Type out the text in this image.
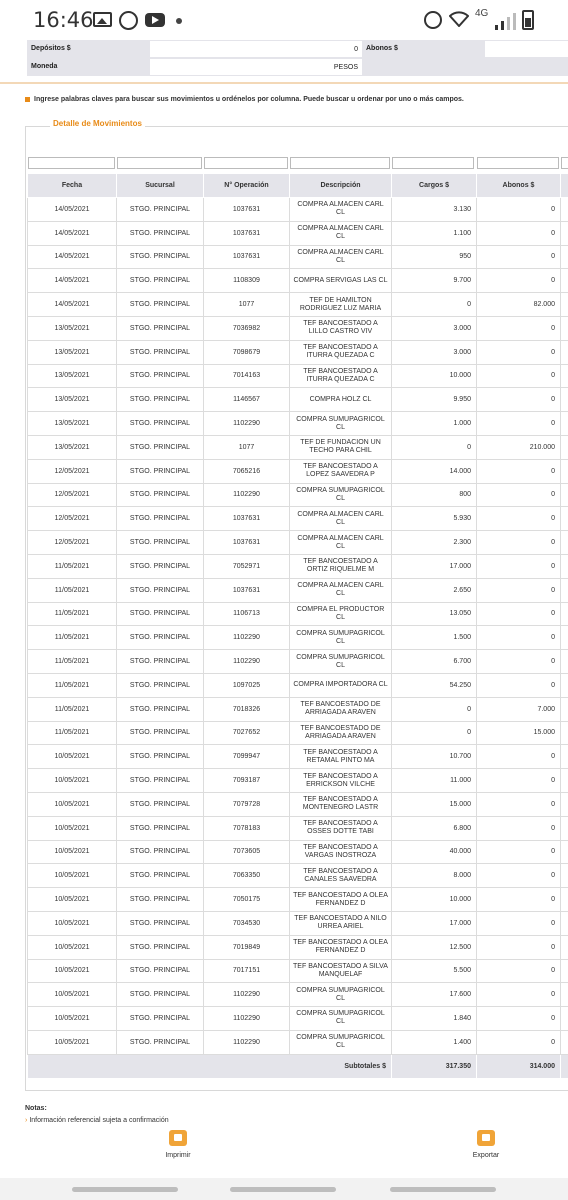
16:46	4G
Depósitos $	0	Abonos $
Moneda	PESOS
Ingrese palabras claves para buscar sus movimientos u ordénelos por columna. Puede buscar u ordenar por uno o más campos.
Detalle de Movimientos
Fecha	Sucursal	N° Operación	Descripción	Cargos $	Abonos $	
14/05/2021	STGO. PRINCIPAL	1037631	COMPRA ALMACEN CARL CL	3.130	0	
14/05/2021	STGO. PRINCIPAL	1037631	COMPRA ALMACEN CARL CL	1.100	0	
14/05/2021	STGO. PRINCIPAL	1037631	COMPRA ALMACEN CARL CL	950	0	
14/05/2021	STGO. PRINCIPAL	1108309	COMPRA SERVIGAS LAS CL	9.700	0	
14/05/2021	STGO. PRINCIPAL	1077	TEF DE HAMILTON RODRIGUEZ LUZ MARIA	0	82.000	
13/05/2021	STGO. PRINCIPAL	7036982	TEF BANCOESTADO A LILLO CASTRO VIV	3.000	0	
13/05/2021	STGO. PRINCIPAL	7098679	TEF BANCOESTADO A ITURRA QUEZADA C	3.000	0	
13/05/2021	STGO. PRINCIPAL	7014163	TEF BANCOESTADO A ITURRA QUEZADA C	10.000	0	
13/05/2021	STGO. PRINCIPAL	1146567	COMPRA HOLZ CL	9.950	0	
13/05/2021	STGO. PRINCIPAL	1102290	COMPRA SUMUPAGRICOL CL	1.000	0	
13/05/2021	STGO. PRINCIPAL	1077	TEF DE FUNDACION UN TECHO PARA CHIL	0	210.000	
12/05/2021	STGO. PRINCIPAL	7065216	TEF BANCOESTADO A LOPEZ SAAVEDRA P	14.000	0	
12/05/2021	STGO. PRINCIPAL	1102290	COMPRA SUMUPAGRICOL CL	800	0	
12/05/2021	STGO. PRINCIPAL	1037631	COMPRA ALMACEN CARL CL	5.930	0	
12/05/2021	STGO. PRINCIPAL	1037631	COMPRA ALMACEN CARL CL	2.300	0	
11/05/2021	STGO. PRINCIPAL	7052971	TEF BANCOESTADO A ORTIZ RIQUELME M	17.000	0	
11/05/2021	STGO. PRINCIPAL	1037631	COMPRA ALMACEN CARL CL	2.650	0	
11/05/2021	STGO. PRINCIPAL	1106713	COMPRA EL PRODUCTOR CL	13.050	0	
11/05/2021	STGO. PRINCIPAL	1102290	COMPRA SUMUPAGRICOL CL	1.500	0	
11/05/2021	STGO. PRINCIPAL	1102290	COMPRA SUMUPAGRICOL CL	6.700	0	
11/05/2021	STGO. PRINCIPAL	1097025	COMPRA IMPORTADORA CL	54.250	0	
11/05/2021	STGO. PRINCIPAL	7018326	TEF BANCOESTADO DE ARRIAGADA ARAVEN	0	7.000	
11/05/2021	STGO. PRINCIPAL	7027652	TEF BANCOESTADO DE ARRIAGADA ARAVEN	0	15.000	
10/05/2021	STGO. PRINCIPAL	7099947	TEF BANCOESTADO A RETAMAL PINTO MA	10.700	0	
10/05/2021	STGO. PRINCIPAL	7093187	TEF BANCOESTADO A ERRICKSON VILCHE	11.000	0	
10/05/2021	STGO. PRINCIPAL	7079728	TEF BANCOESTADO A MONTENEGRO LASTR	15.000	0	
10/05/2021	STGO. PRINCIPAL	7078183	TEF BANCOESTADO A OSSES DOTTE TABI	6.800	0	
10/05/2021	STGO. PRINCIPAL	7073605	TEF BANCOESTADO A VARGAS INOSTROZA	40.000	0	
10/05/2021	STGO. PRINCIPAL	7063350	TEF BANCOESTADO A CANALES SAAVEDRA	8.000	0	
10/05/2021	STGO. PRINCIPAL	7050175	TEF BANCOESTADO A OLEA FERNANDEZ D	10.000	0	
10/05/2021	STGO. PRINCIPAL	7034530	TEF BANCOESTADO A NILO URREA ARIEL	17.000	0	
10/05/2021	STGO. PRINCIPAL	7019849	TEF BANCOESTADO A OLEA FERNANDEZ D	12.500	0	
10/05/2021	STGO. PRINCIPAL	7017151	TEF BANCOESTADO A SILVA MANQUELAF	5.500	0	
10/05/2021	STGO. PRINCIPAL	1102290	COMPRA SUMUPAGRICOL CL	17.600	0	
10/05/2021	STGO. PRINCIPAL	1102290	COMPRA SUMUPAGRICOL CL	1.840	0	
10/05/2021	STGO. PRINCIPAL	1102290	COMPRA SUMUPAGRICOL CL	1.400	0	
Subtotales $				317.350	314.000	
Notas:
› Información referencial sujeta a confirmación
Imprimir	Exportar
